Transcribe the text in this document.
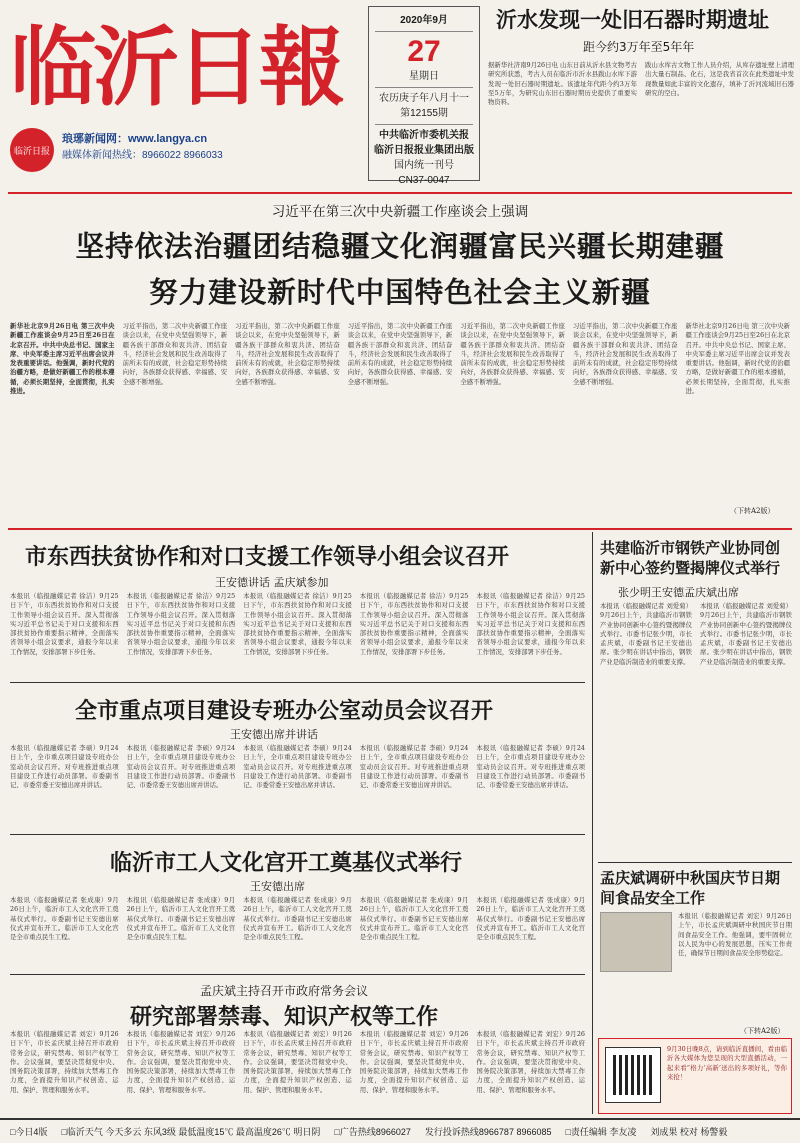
临沂日報
临沂日报
琅琊新闻网：www.langya.cn
融媒体新闻热线：8966022 8966033
2020年9月
27
星期日
农历庚子年八月十一
第12155期
中共临沂市委机关报
临沂日报报业集团出版
国内统一刊号
CN37-0047
沂水发现一处旧石器时期遗址
距今约3万年至5年年
据新华社济南9月26日电 山东日前从沂水县文物考古研究所获悉，考古人员在临沂市沂水县跋山水库下游发现一处旧石器时期遗址。该遗址年代距今约3万年至5万年，为研究山东旧石器时期历史提供了重要实物资料。
跋山水库古文物工作人员介绍，从库存遗址壁上清理出大量石制品、化石，这是我省首次在此类遗址中发现数量如此丰富的文化遗存，填补了沂河流域旧石器研究的空白。
习近平在第三次中央新疆工作座谈会上强调
坚持依法治疆团结稳疆文化润疆富民兴疆长期建疆
努力建设新时代中国特色社会主义新疆
新华社北京9月26日电 第三次中央新疆工作座谈会9月25日至26日在北京召开。中共中央总书记、国家主席、中央军委主席习近平出席会议并发表重要讲话。他强调，新时代党的治疆方略，是做好新疆工作的根本遵循，必须长期坚持，全面贯彻，扎实推进。
习近平指出，第二次中央新疆工作座谈会以来，在党中央坚强领导下，新疆各族干部群众和衷共济、团结奋斗，经济社会发展和民生改善取得了前所未有的成就，社会稳定形势持续向好，各族群众获得感、幸福感、安全感不断增强。
习近平指出，第二次中央新疆工作座谈会以来，在党中央坚强领导下，新疆各族干部群众和衷共济、团结奋斗，经济社会发展和民生改善取得了前所未有的成就，社会稳定形势持续向好，各族群众获得感、幸福感、安全感不断增强。
习近平指出，第二次中央新疆工作座谈会以来，在党中央坚强领导下，新疆各族干部群众和衷共济、团结奋斗，经济社会发展和民生改善取得了前所未有的成就，社会稳定形势持续向好，各族群众获得感、幸福感、安全感不断增强。
习近平指出，第二次中央新疆工作座谈会以来，在党中央坚强领导下，新疆各族干部群众和衷共济、团结奋斗，经济社会发展和民生改善取得了前所未有的成就，社会稳定形势持续向好，各族群众获得感、幸福感、安全感不断增强。
习近平指出，第二次中央新疆工作座谈会以来，在党中央坚强领导下，新疆各族干部群众和衷共济、团结奋斗，经济社会发展和民生改善取得了前所未有的成就，社会稳定形势持续向好，各族群众获得感、幸福感、安全感不断增强。
新华社北京9月26日电 第三次中央新疆工作座谈会9月25日至26日在北京召开。中共中央总书记、国家主席、中央军委主席习近平出席会议并发表重要讲话。他强调，新时代党的治疆方略，是做好新疆工作的根本遵循，必须长期坚持，全面贯彻，扎实推进。
（下转A2版）
市东西扶贫协作和对口支援工作领导小组会议召开
王安德讲话 孟庆斌参加
本报讯（临报融媒记者 徐洁）9月25日下午，市东西扶贫协作和对口支援工作领导小组会议召开。深入贯彻落实习近平总书记关于对口支援和东西部扶贫协作重要指示精神，全面落实省领导小组会议要求，通报今年以来工作情况，安排部署下步任务。
本报讯（临报融媒记者 徐洁）9月25日下午，市东西扶贫协作和对口支援工作领导小组会议召开。深入贯彻落实习近平总书记关于对口支援和东西部扶贫协作重要指示精神，全面落实省领导小组会议要求，通报今年以来工作情况，安排部署下步任务。
本报讯（临报融媒记者 徐洁）9月25日下午，市东西扶贫协作和对口支援工作领导小组会议召开。深入贯彻落实习近平总书记关于对口支援和东西部扶贫协作重要指示精神，全面落实省领导小组会议要求，通报今年以来工作情况，安排部署下步任务。
本报讯（临报融媒记者 徐洁）9月25日下午，市东西扶贫协作和对口支援工作领导小组会议召开。深入贯彻落实习近平总书记关于对口支援和东西部扶贫协作重要指示精神，全面落实省领导小组会议要求，通报今年以来工作情况，安排部署下步任务。
本报讯（临报融媒记者 徐洁）9月25日下午，市东西扶贫协作和对口支援工作领导小组会议召开。深入贯彻落实习近平总书记关于对口支援和东西部扶贫协作重要指示精神，全面落实省领导小组会议要求，通报今年以来工作情况，安排部署下步任务。
全市重点项目建设专班办公室动员会议召开
王安德出席并讲话
本报讯（临报融媒记者 李硕）9月24日上午，全市重点项目建设专班办公室动员会议召开。对专班推进重点项目建设工作进行动员部署。市委副书记、市委常委王安德出席并讲话。
本报讯（临报融媒记者 李硕）9月24日上午，全市重点项目建设专班办公室动员会议召开。对专班推进重点项目建设工作进行动员部署。市委副书记、市委常委王安德出席并讲话。
本报讯（临报融媒记者 李硕）9月24日上午，全市重点项目建设专班办公室动员会议召开。对专班推进重点项目建设工作进行动员部署。市委副书记、市委常委王安德出席并讲话。
本报讯（临报融媒记者 李硕）9月24日上午，全市重点项目建设专班办公室动员会议召开。对专班推进重点项目建设工作进行动员部署。市委副书记、市委常委王安德出席并讲话。
本报讯（临报融媒记者 李硕）9月24日上午，全市重点项目建设专班办公室动员会议召开。对专班推进重点项目建设工作进行动员部署。市委副书记、市委常委王安德出席并讲话。
临沂市工人文化宫开工奠基仪式举行
王安德出席
本报讯（临报融媒记者 张成康）9月26日上午，临沂市工人文化宫开工奠基仪式举行。市委副书记王安德出席仪式并宣布开工。临沂市工人文化宫是全市重点民生工程。
本报讯（临报融媒记者 张成康）9月26日上午，临沂市工人文化宫开工奠基仪式举行。市委副书记王安德出席仪式并宣布开工。临沂市工人文化宫是全市重点民生工程。
本报讯（临报融媒记者 张成康）9月26日上午，临沂市工人文化宫开工奠基仪式举行。市委副书记王安德出席仪式并宣布开工。临沂市工人文化宫是全市重点民生工程。
本报讯（临报融媒记者 张成康）9月26日上午，临沂市工人文化宫开工奠基仪式举行。市委副书记王安德出席仪式并宣布开工。临沂市工人文化宫是全市重点民生工程。
本报讯（临报融媒记者 张成康）9月26日上午，临沂市工人文化宫开工奠基仪式举行。市委副书记王安德出席仪式并宣布开工。临沂市工人文化宫是全市重点民生工程。
孟庆斌主持召开市政府常务会议
研究部署禁毒、知识产权等工作
本报讯（临报融媒记者 刘宏）9月26日下午，市长孟庆斌主持召开市政府常务会议，研究禁毒、知识产权等工作。会议强调，要坚决贯彻党中央、国务院决策部署，持续加大禁毒工作力度，全面提升知识产权创造、运用、保护、管理和服务水平。
本报讯（临报融媒记者 刘宏）9月26日下午，市长孟庆斌主持召开市政府常务会议，研究禁毒、知识产权等工作。会议强调，要坚决贯彻党中央、国务院决策部署，持续加大禁毒工作力度，全面提升知识产权创造、运用、保护、管理和服务水平。
本报讯（临报融媒记者 刘宏）9月26日下午，市长孟庆斌主持召开市政府常务会议，研究禁毒、知识产权等工作。会议强调，要坚决贯彻党中央、国务院决策部署，持续加大禁毒工作力度，全面提升知识产权创造、运用、保护、管理和服务水平。
本报讯（临报融媒记者 刘宏）9月26日下午，市长孟庆斌主持召开市政府常务会议，研究禁毒、知识产权等工作。会议强调，要坚决贯彻党中央、国务院决策部署，持续加大禁毒工作力度，全面提升知识产权创造、运用、保护、管理和服务水平。
本报讯（临报融媒记者 刘宏）9月26日下午，市长孟庆斌主持召开市政府常务会议，研究禁毒、知识产权等工作。会议强调，要坚决贯彻党中央、国务院决策部署，持续加大禁毒工作力度，全面提升知识产权创造、运用、保护、管理和服务水平。
共建临沂市钢铁产业协同创新中心签约暨揭牌仪式举行
张少明王安德孟庆斌出席
本报讯（临报融媒记者 刘爱菊）9月26日上午，共建临沂市钢铁产业协同创新中心签约暨揭牌仪式举行。市委书记张少明，市长孟庆斌，市委副书记王安德出席。张少明在讲话中指出，钢铁产业是临沂制造业的重要支撑。
本报讯（临报融媒记者 刘爱菊）9月26日上午，共建临沂市钢铁产业协同创新中心签约暨揭牌仪式举行。市委书记张少明，市长孟庆斌，市委副书记王安德出席。张少明在讲话中指出，钢铁产业是临沂制造业的重要支撑。
孟庆斌调研中秋国庆节日期间食品安全工作
本报讯（临报融媒记者 刘宏）9月26日上午，市长孟庆斌调研中秋国庆节日期间食品安全工作。他强调，要牢固树立以人民为中心的发展思想，压实工作责任，确保节日期间食品安全形势稳定。
（下转A2版）
9月30日晚8点，请到临沂直播间，看由临沂各大媒体为您呈现的大型直播活动，一起来看“格力‘高新’送出的多项好礼，等你来抢！
□今日4版 □临沂天气 今天多云 东风3级 最低温度15℃ 最高温度26℃ 明日阴 □广告热线8966027 发行投诉热线8966787 8966085 □责任编辑 李友凌 刘成果 校对 杨警毅
